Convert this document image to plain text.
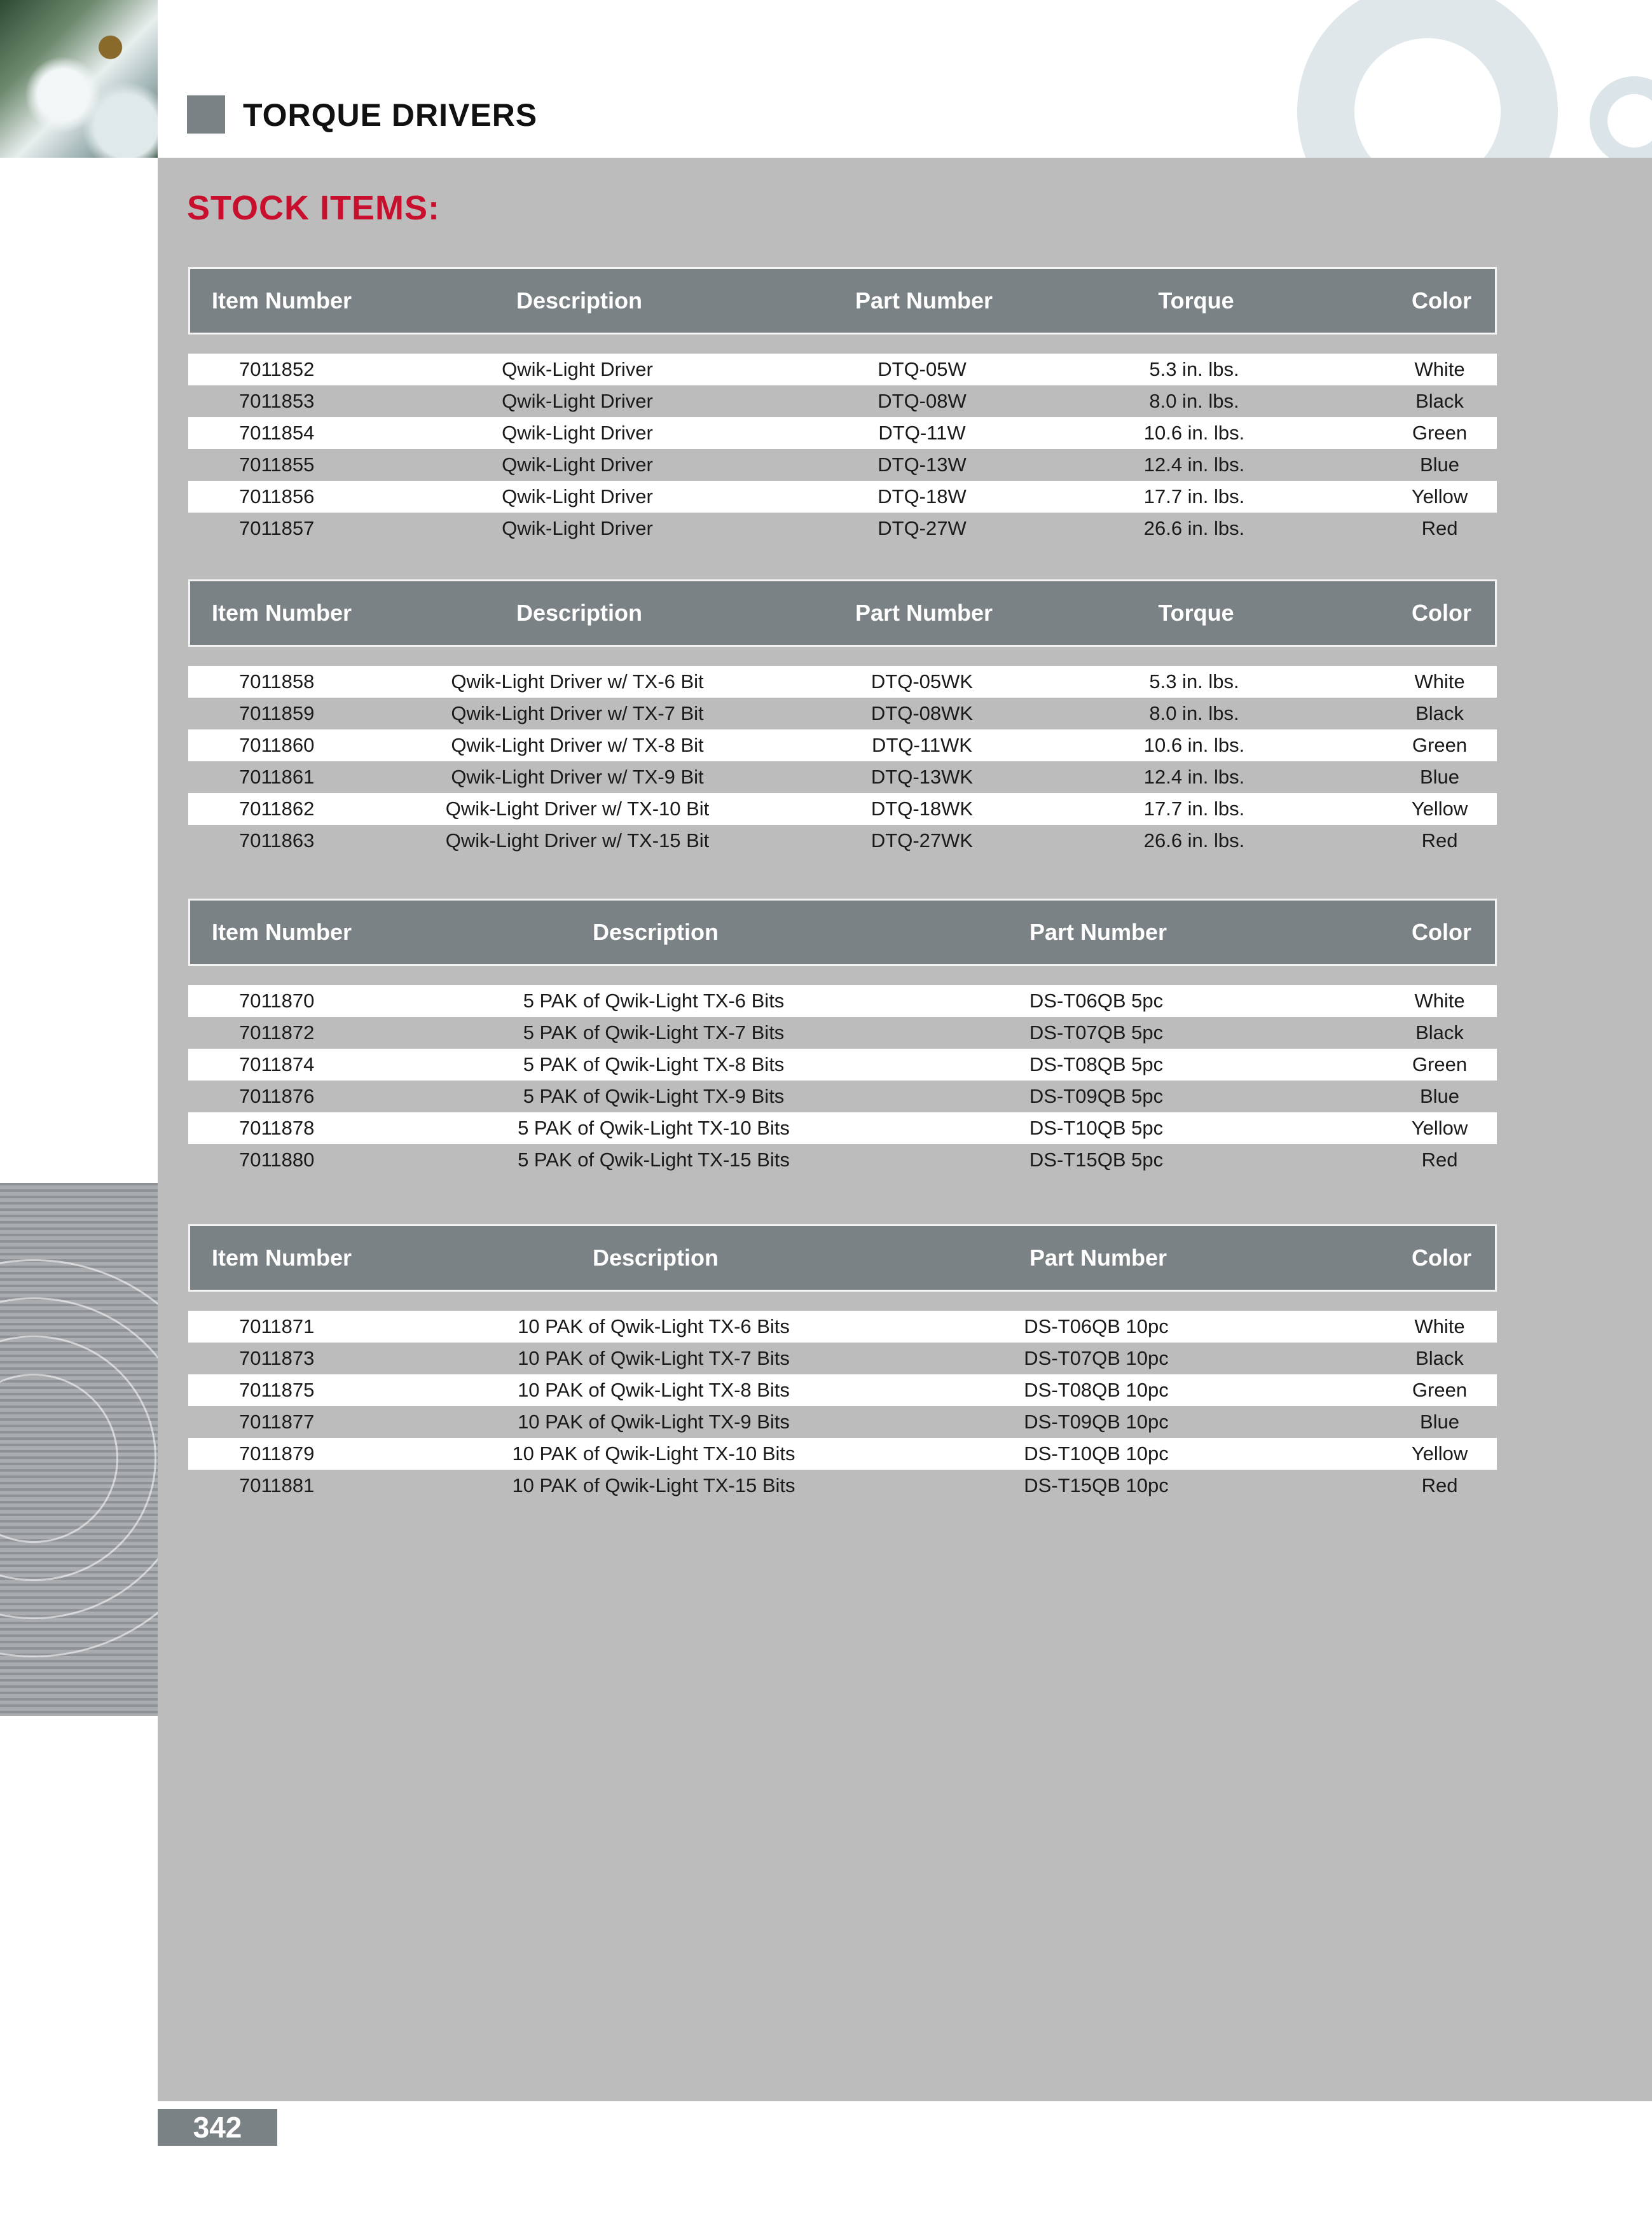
TORQUE DRIVERS
STOCK ITEMS:
Item Number	Description	Part Number	Torque	Color
7011852	Qwik-Light Driver	DTQ-05W	5.3 in. lbs.	White
7011853	Qwik-Light Driver	DTQ-08W	8.0 in. lbs.	Black
7011854	Qwik-Light Driver	DTQ-11W	10.6 in. lbs.	Green
7011855	Qwik-Light Driver	DTQ-13W	12.4 in. lbs.	Blue
7011856	Qwik-Light Driver	DTQ-18W	17.7 in. lbs.	Yellow
7011857	Qwik-Light Driver	DTQ-27W	26.6 in. lbs.	Red
Item Number	Description	Part Number	Torque	Color
7011858	Qwik-Light Driver w/ TX-6 Bit	DTQ-05WK	5.3 in. lbs.	White
7011859	Qwik-Light Driver w/ TX-7 Bit	DTQ-08WK	8.0 in. lbs.	Black
7011860	Qwik-Light Driver w/ TX-8 Bit	DTQ-11WK	10.6 in. lbs.	Green
7011861	Qwik-Light Driver w/ TX-9 Bit	DTQ-13WK	12.4 in. lbs.	Blue
7011862	Qwik-Light Driver w/ TX-10 Bit	DTQ-18WK	17.7 in. lbs.	Yellow
7011863	Qwik-Light Driver w/ TX-15 Bit	DTQ-27WK	26.6 in. lbs.	Red
Item Number	Description	Part Number	Color
7011870	5 PAK of Qwik-Light TX-6 Bits	DS-T06QB 5pc	White
7011872	5 PAK of Qwik-Light TX-7 Bits	DS-T07QB 5pc	Black
7011874	5 PAK of Qwik-Light TX-8 Bits	DS-T08QB 5pc	Green
7011876	5 PAK of Qwik-Light TX-9 Bits	DS-T09QB 5pc	Blue
7011878	5 PAK of Qwik-Light TX-10 Bits	DS-T10QB 5pc	Yellow
7011880	5 PAK of Qwik-Light TX-15 Bits	DS-T15QB 5pc	Red
Item Number	Description	Part Number	Color
7011871	10 PAK of Qwik-Light TX-6 Bits	DS-T06QB 10pc	White
7011873	10 PAK of Qwik-Light TX-7 Bits	DS-T07QB 10pc	Black
7011875	10 PAK of Qwik-Light TX-8 Bits	DS-T08QB 10pc	Green
7011877	10 PAK of Qwik-Light TX-9 Bits	DS-T09QB 10pc	Blue
7011879	10 PAK of Qwik-Light TX-10 Bits	DS-T10QB 10pc	Yellow
7011881	10 PAK of Qwik-Light TX-15 Bits	DS-T15QB 10pc	Red
342
